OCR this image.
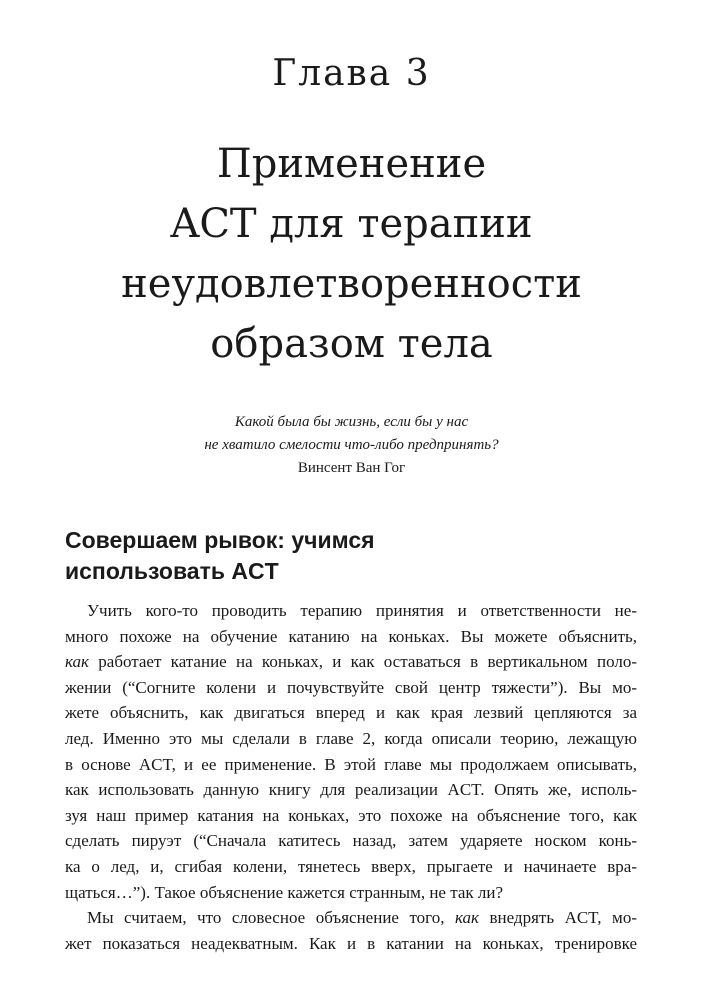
Глава 3
Применение
ACT для терапии
неудовлетворенности
образом тела
Какой была бы жизнь, если бы у нас
не хватило смелости что-либо предпринять?
Винсент Ван Гог
Совершаем рывок: учимся
использовать ACT
Учить кого-то проводить терапию принятия и ответственности не-
много похоже на обучение катанию на коньках. Вы можете объяснить,
как работает катание на коньках, и как оставаться в вертикальном поло-
жении (“Согните колени и почувствуйте свой центр тяжести”). Вы мо-
жете объяснить, как двигаться вперед и как края лезвий цепляются за
лед. Именно это мы сделали в главе 2, когда описали теорию, лежащую
в основе ACT, и ее применение. В этой главе мы продолжаем описывать,
как использовать данную книгу для реализации ACT. Опять же, исполь-
зуя наш пример катания на коньках, это похоже на объяснение того, как
сделать пируэт (“Сначала катитесь назад, затем ударяете носком конь-
ка о лед, и, сгибая колени, тянетесь вверх, прыгаете и начинаете вра-
щаться…”). Такое объяснение кажется странным, не так ли?
Мы считаем, что словесное объяснение того, как внедрять ACT, мо-
жет показаться неадекватным. Как и в катании на коньках, тренировке
